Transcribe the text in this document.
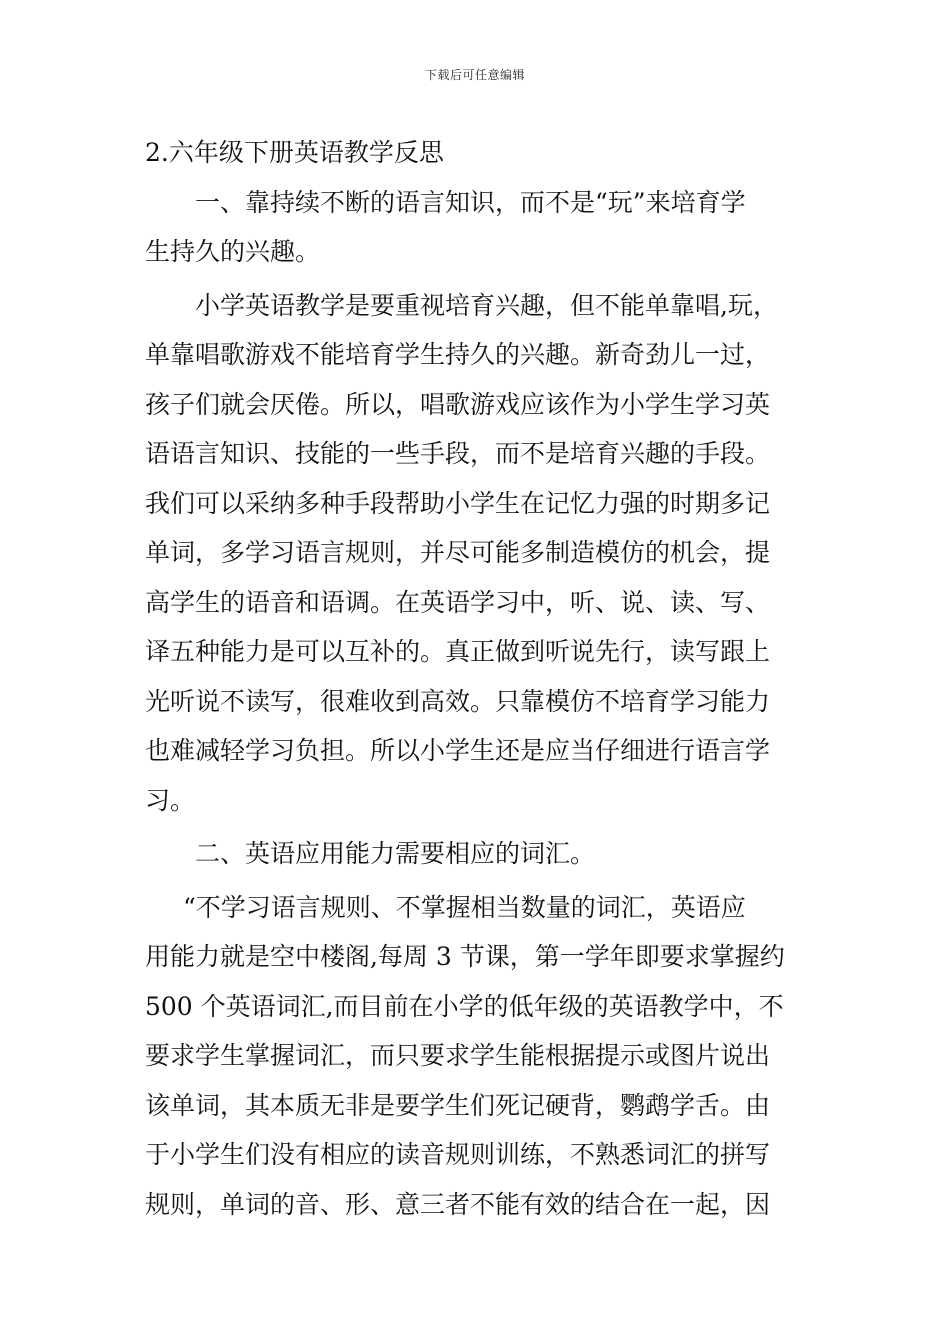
下载后可任意编辑
2.六年级下册英语教学反思
一、靠持续不断的语言知识，而不是“玩”来培育学
生持久的兴趣。
小学英语教学是要重视培育兴趣，但不能单靠唱,玩，
单靠唱歌游戏不能培育学生持久的兴趣。新奇劲儿一过，
孩子们就会厌倦。所以，唱歌游戏应该作为小学生学习英
语语言知识、技能的一些手段，而不是培育兴趣的手段。
我们可以采纳多种手段帮助小学生在记忆力强的时期多记
单词，多学习语言规则，并尽可能多制造模仿的机会，提
高学生的语音和语调。在英语学习中，听、说、读、写、
译五种能力是可以互补的。真正做到听说先行，读写跟上
光听说不读写，很难收到高效。只靠模仿不培育学习能力
也难减轻学习负担。所以小学生还是应当仔细进行语言学
习。
二、英语应用能力需要相应的词汇。
“不学习语言规则、不掌握相当数量的词汇，英语应
用能力就是空中楼阁,每周 3 节课，第一学年即要求掌握约
500 个英语词汇,而目前在小学的低年级的英语教学中，不
要求学生掌握词汇，而只要求学生能根据提示或图片说出
该单词，其本质无非是要学生们死记硬背，鹦鹉学舌。由
于小学生们没有相应的读音规则训练，不熟悉词汇的拼写
规则，单词的音、形、意三者不能有效的结合在一起，因
